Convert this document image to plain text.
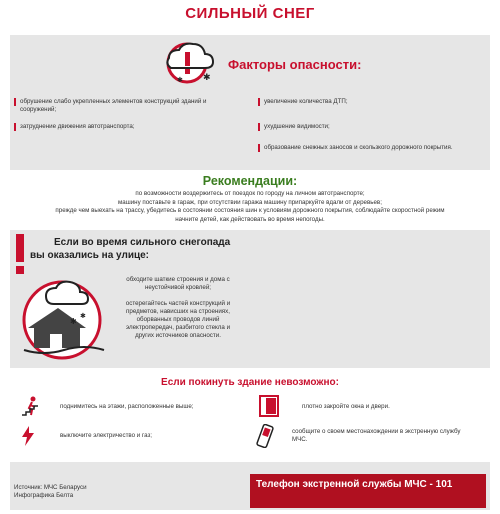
СИЛЬНЫЙ СНЕГ
✱
✱
Факторы опасности:
обрушение слабо укрепленных элементов конструкций зданий и сооружений;
затруднение движения автотранспорта;
увеличение количества ДТП;
ухудшение видимости;
образование снежных заносов и скользкого дорожного покрытия.
Рекомендации:
по возможности воздержитесь от поездок по городу на личном автотранспорте;
машину поставьте в гараж, при отсутствии гаража машину припаркуйте вдали от деревьев;
прежде чем выехать на трассу, убедитесь в состоянии состояния шин к условиям дорожного покрытия, соблюдайте скоростной режим
начните детей, как действовать во время непогоды.
Если во время сильного снегопада
вы оказались на улице:
✱
✱
обходите шаткие строения и дома с неустойчивой кровлей;
остерегайтесь частей конструкций и предметов, нависших на строениях, оборванных проводов линий электропередач, разбитого стекла и других источников опасности.
Если покинуть здание невозможно:
поднимитесь на этажи, расположенные выше;	плотно закройте окна и двери.
выключите электричество и газ;
сообщите о своем местонахождении в экстренную службу МЧС.
Источник: МЧС Беларуси
Инфографика Белта
Телефон экстренной службы МЧС - 101
